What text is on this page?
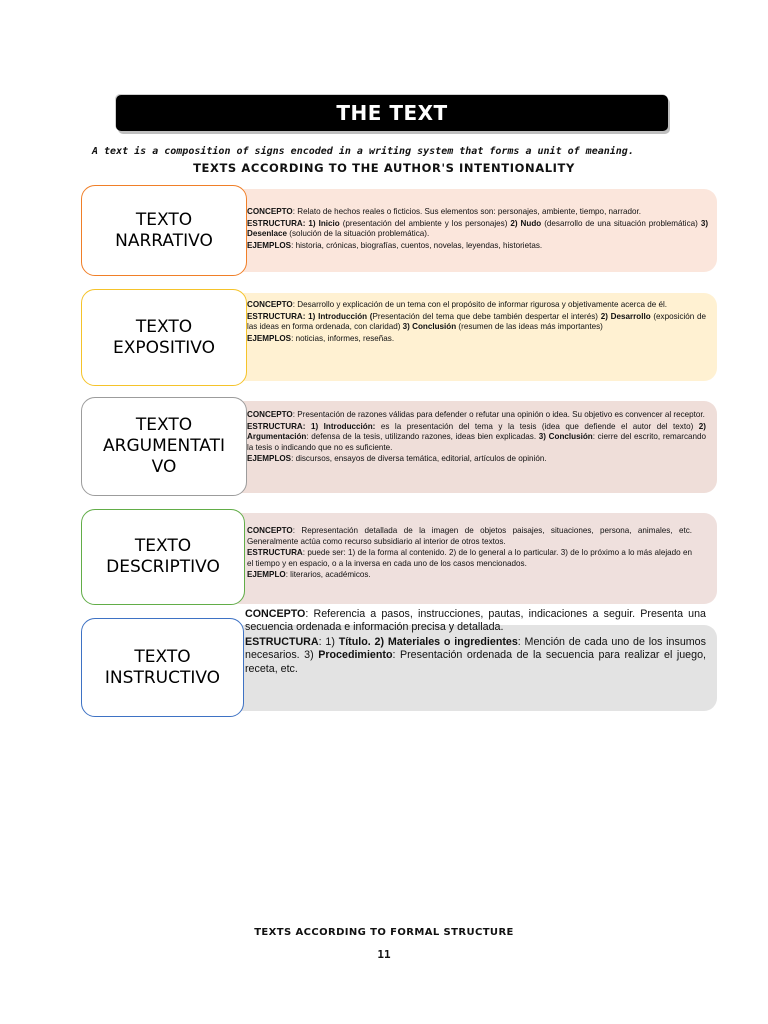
THE TEXT
A text is a composition of signs encoded in a writing system that forms a unit of meaning.
TEXTS ACCORDING TO THE AUTHOR'S INTENTIONALITY
TEXTO
NARRATIVO

CONCEPTO: Relato de hechos reales o ficticios. Sus elementos son: personajes, ambiente, tiempo, narrador.

ESTRUCTURA: 1) Inicio (presentación del ambiente y los personajes) 2) Nudo (desarrollo de una situación problemática) 3) Desenlace (solución de la situación problemática).

EJEMPLOS: historia, crónicas, biografías, cuentos, novelas, leyendas, historietas.

TEXTO
EXPOSITIVO

CONCEPTO: Desarrollo y explicación de un tema con el propósito de informar rigurosa y objetivamente acerca de él.

ESTRUCTURA: 1) Introducción (Presentación del tema que debe también despertar el interés) 2) Desarrollo (exposición de las ideas en forma ordenada, con claridad) 3) Conclusión (resumen de las ideas más importantes)

EJEMPLOS: noticias, informes, reseñas.

TEXTO
ARGUMENTATI
VO

CONCEPTO: Presentación de razones válidas para defender o refutar una opinión o idea. Su objetivo es convencer al receptor.

ESTRUCTURA: 1) Introducción: es la presentación del tema y la tesis (idea que defiende el autor del texto) 2) Argumentación: defensa de la tesis, utilizando razones, ideas bien explicadas. 3) Conclusión: cierre del escrito, remarcando la tesis o indicando que no es suficiente.

EJEMPLOS: discursos, ensayos de diversa temática, editorial, artículos de opinión.

TEXTO
DESCRIPTIVO

CONCEPTO: Representación detallada de la imagen de objetos paisajes, situaciones, persona, animales, etc. Generalmente actúa como recurso subsidiario al interior de otros textos.

ESTRUCTURA: puede ser: 1) de la forma al contenido. 2) de lo general a lo particular. 3) de lo próximo a lo más alejado en el tiempo y en espacio, o a la inversa en cada uno de los casos mencionados.

EJEMPLO: literarios, académicos.

TEXTO
INSTRUCTIVO

CONCEPTO: Referencia a pasos, instrucciones, pautas, indicaciones a seguir. Presenta una secuencia ordenada e información precisa y detallada.

ESTRUCTURA: 1) Título. 2) Materiales o ingredientes: Mención de cada uno de los insumos necesarios. 3) Procedimiento: Presentación ordenada de la secuencia para realizar el juego, receta, etc.

TEXTS ACCORDING TO FORMAL STRUCTURE
11
